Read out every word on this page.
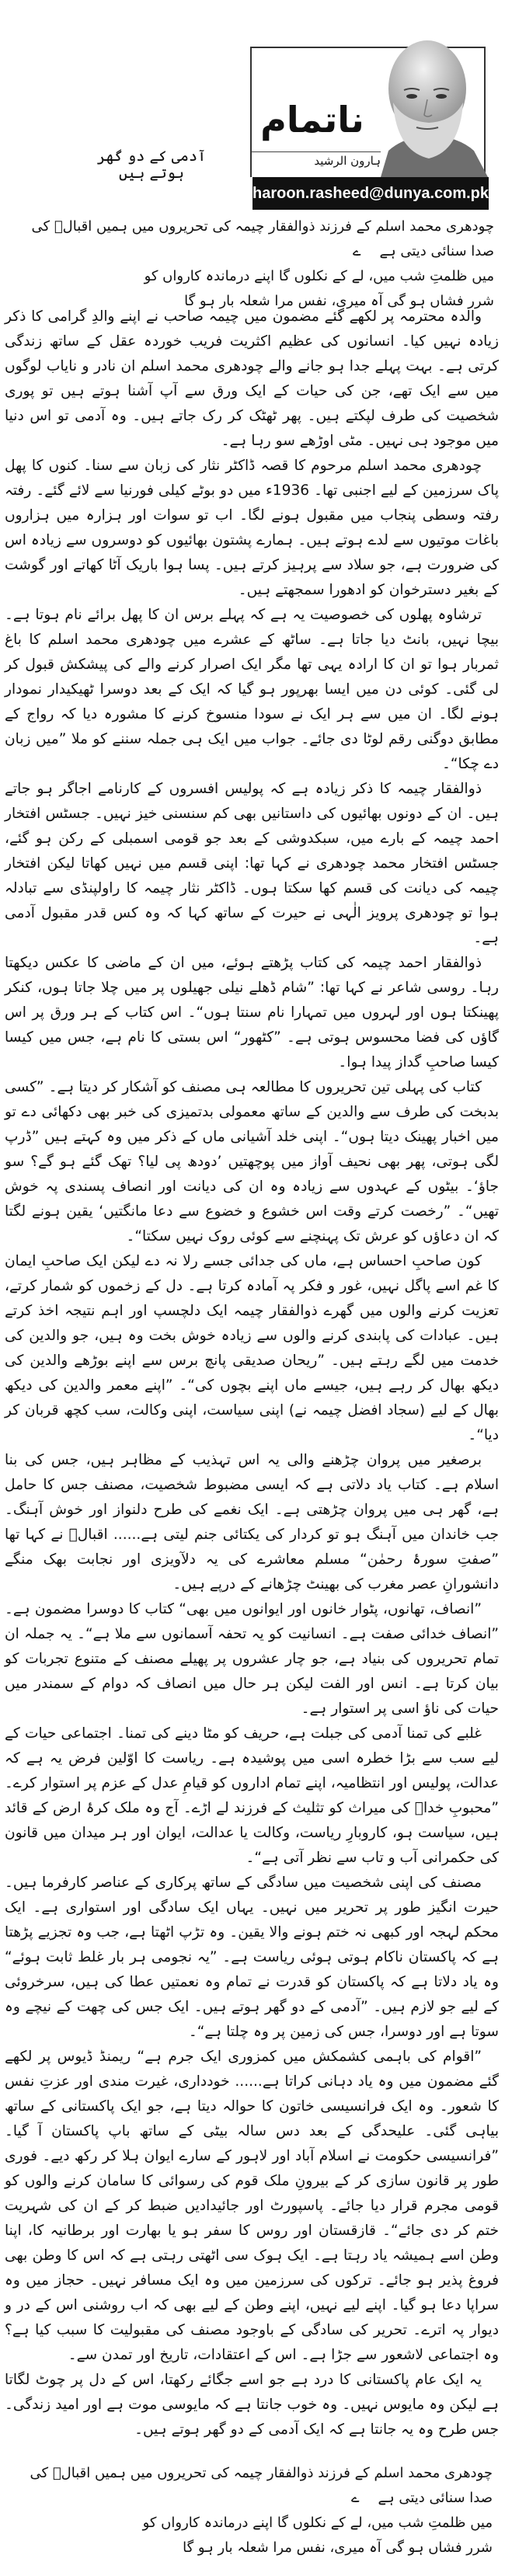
آدمی کے دو گھر ہوتے ہیں
ناتمام
ہارون الرشید
haroon.rasheed@dunya.com.pk
چودھری محمد اسلم کے فرزند ذوالفقار چیمہ کی تحریروں میں ہمیں اقبالؔ کی صدا سنائی دیتی ہےے
میں ظلمتِ شب میں، لے کے نکلوں گا اپنے درماندہ کارواں کو
شرر فشاں ہو گی آہ میری، نفس مرا شعلہ بار ہو گا

والدہ محترمہ پر لکھے گئے مضمون میں چیمہ صاحب نے اپنے والدِ گرامی کا ذکر زیادہ نہیں کیا۔ انسانوں کی عظیم اکثریت فریب خوردہ عقل کے ساتھ زندگی کرتی ہے۔ بہت پہلے جدا ہو جانے والے چودھری محمد اسلم ان نادر و نایاب لوگوں میں سے ایک تھے، جن کی حیات کے ایک ورق سے آپ آشنا ہوتے ہیں تو پوری شخصیت کی طرف لپکتے ہیں۔ پھر ٹھٹک کر رک جاتے ہیں۔ وہ آدمی تو اس دنیا میں موجود ہی نہیں۔ مٹی اوڑھے سو رہا ہے۔

چودھری محمد اسلم مرحوم کا قصہ ڈاکٹر نثار کی زبان سے سنا۔ کنوں کا پھل پاک سرزمین کے لیے اجنبی تھا۔ 1936ء میں دو بوٹے کیلی فورنیا سے لائے گئے۔ رفتہ رفتہ وسطی پنجاب میں مقبول ہونے لگا۔ اب تو سوات اور ہزارہ میں ہزاروں باغات موتیوں سے لدے ہوتے ہیں۔ ہمارے پشتون بھائیوں کو دوسروں سے زیادہ اس کی ضرورت ہے، جو سلاد سے پرہیز کرتے ہیں۔ پسا ہوا باریک آٹا کھاتے اور گوشت کے بغیر دسترخوان کو ادھورا سمجھتے ہیں۔

ترشاوہ پھلوں کی خصوصیت یہ ہے کہ پہلے برس ان کا پھل برائے نام ہوتا ہے۔ بیچا نہیں، بانٹ دیا جاتا ہے۔ ساٹھ کے عشرے میں چودھری محمد اسلم کا باغ ثمربار ہوا تو ان کا ارادہ یہی تھا مگر ایک اصرار کرنے والے کی پیشکش قبول کر لی گئی۔ کوئی دن میں ایسا بھرپور ہو گیا کہ ایک کے بعد دوسرا ٹھیکیدار نمودار ہونے لگا۔ ان میں سے ہر ایک نے سودا منسوخ کرنے کا مشورہ دیا کہ رواج کے مطابق دوگنی رقم لوٹا دی جائے۔ جواب میں ایک ہی جملہ سننے کو ملا ”میں زبان دے چکا“۔

ذوالفقار چیمہ کا ذکر زیادہ ہے کہ پولیس افسروں کے کارنامے اجاگر ہو جاتے ہیں۔ ان کے دونوں بھائیوں کی داستانیں بھی کم سنسنی خیز نہیں۔ جسٹس افتخار احمد چیمہ کے بارے میں، سبکدوشی کے بعد جو قومی اسمبلی کے رکن ہو گئے، جسٹس افتخار محمد چودھری نے کہا تھا: اپنی قسم میں نہیں کھاتا لیکن افتخار چیمہ کی دیانت کی قسم کھا سکتا ہوں۔ ڈاکٹر نثار چیمہ کا راولپنڈی سے تبادلہ ہوا تو چودھری پرویز الٰہی نے حیرت کے ساتھ کہا کہ وہ کس قدر مقبول آدمی ہے۔

ذوالفقار احمد چیمہ کی کتاب پڑھتے ہوئے، میں ان کے ماضی کا عکس دیکھتا رہا۔ روسی شاعر نے کہا تھا: ”شام ڈھلے نیلی جھیلوں پر میں چلا جاتا ہوں، کنکر پھینکتا ہوں اور لہروں میں تمہارا نام سنتا ہوں“۔ اس کتاب کے ہر ورق پر اس گاؤں کی فضا محسوس ہوتی ہے۔ ”کٹھور“ اس بستی کا نام ہے، جس میں کیسا کیسا صاحبِ گداز پیدا ہوا۔

کتاب کی پہلی تین تحریروں کا مطالعہ ہی مصنف کو آشکار کر دیتا ہے۔ ”کسی بدبخت کی طرف سے والدین کے ساتھ معمولی بدتمیزی کی خبر بھی دکھائی دے تو میں اخبار پھینک دیتا ہوں“۔ اپنی خلد آشیانی ماں کے ذکر میں وہ کہتے ہیں ”ڈرپ لگی ہوتی، پھر بھی نحیف آواز میں پوچھتیں ’دودھ پی لیا؟ تھک گئے ہو گے؟ سو جاؤ‘۔ بیٹوں کے عہدوں سے زیادہ وہ ان کی دیانت اور انصاف پسندی پہ خوش تھیں“۔ ”رخصت کرتے وقت اس خشوع و خضوع سے دعا مانگتیں‘ یقین ہونے لگتا کہ ان دعاؤں کو عرش تک پہنچنے سے کوئی روک نہیں سکتا“۔

کون صاحبِ احساس ہے، ماں کی جدائی جسے رلا نہ دے لیکن ایک صاحبِ ایمان کا غم اسے پاگل نہیں، غور و فکر پہ آمادہ کرتا ہے۔ دل کے زخموں کو شمار کرتے، تعزیت کرنے والوں میں گھرے ذوالفقار چیمہ ایک دلچسپ اور اہم نتیجہ اخذ کرتے ہیں۔ عبادات کی پابندی کرنے والوں سے زیادہ خوش بخت وہ ہیں، جو والدین کی خدمت میں لگے رہتے ہیں۔ ”ریحان صدیقی پانچ برس سے اپنے بوڑھے والدین کی دیکھ بھال کر رہے ہیں، جیسے ماں اپنے بچوں کی“۔ ”اپنے معمر والدین کی دیکھ بھال کے لیے (سجاد افضل چیمہ نے) اپنی سیاست، اپنی وکالت، سب کچھ قربان کر دیا“۔

برصغیر میں پروان چڑھنے والی یہ اس تہذیب کے مظاہر ہیں، جس کی بنا اسلام ہے۔ کتاب یاد دلاتی ہے کہ ایسی مضبوط شخصیت، مصنف جس کا حامل ہے، گھر ہی میں پروان چڑھتی ہے۔ ایک نغمے کی طرح دلنواز اور خوش آہنگ۔ جب خاندان میں آہنگ ہو تو کردار کی یکتائی جنم لیتی ہے...... اقبالؔ نے کہا تھا ”صفتِ سورۂ رحمٰن“ مسلم معاشرے کی یہ دلآویزی اور نجابت بھک منگے دانشورانِ عصر مغرب کی بھینٹ چڑھانے کے درپے ہیں۔

”انصاف، تھانوں، پٹوار خانوں اور ایوانوں میں بھی“ کتاب کا دوسرا مضمون ہے۔ ”انصاف خدائی صفت ہے۔ انسانیت کو یہ تحفہ آسمانوں سے ملا ہے“۔ یہ جملہ ان تمام تحریروں کی بنیاد ہے، جو چار عشروں پر پھیلے مصنف کے متنوع تجربات کو بیان کرتا ہے۔ انس اور الفت لیکن ہر حال میں انصاف کہ دوام کے سمندر میں حیات کی ناؤ اسی پر استوار ہے۔

غلبے کی تمنا آدمی کی جبلت ہے، حریف کو مٹا دینے کی تمنا۔ اجتماعی حیات کے لیے سب سے بڑا خطرہ اسی میں پوشیدہ ہے۔ ریاست کا اوّلین فرض یہ ہے کہ عدالت، پولیس اور انتظامیہ، اپنے تمام اداروں کو قیامِ عدل کے عزم پر استوار کرے۔ ”محبوبِ خداؐ کی میراث کو تثلیث کے فرزند لے اڑے۔ آج وہ ملک کرۂ ارض کے قائد ہیں، سیاست ہو، کاروبارِ ریاست، وکالت یا عدالت، ایوان اور ہر میدان میں قانون کی حکمرانی آب و تاب سے نظر آتی ہے“۔

مصنف کی اپنی شخصیت میں سادگی کے ساتھ پرکاری کے عناصر کارفرما ہیں۔ حیرت انگیز طور پر تحریر میں نہیں۔ یہاں ایک سادگی اور استواری ہے۔ ایک محکم لہجہ اور کبھی نہ ختم ہونے والا یقین۔ وہ تڑپ اٹھتا ہے، جب وہ تجزیے پڑھتا ہے کہ پاکستان ناکام ہوتی ہوئی ریاست ہے۔ ”یہ نجومی ہر بار غلط ثابت ہوئے“ وہ یاد دلاتا ہے کہ پاکستان کو قدرت نے تمام وہ نعمتیں عطا کی ہیں، سرخروئی کے لیے جو لازم ہیں۔ ”آدمی کے دو گھر ہوتے ہیں۔ ایک جس کی چھت کے نیچے وہ سوتا ہے اور دوسرا، جس کی زمین پر وہ چلتا ہے“۔

”اقوام کی باہمی کشمکش میں کمزوری ایک جرم ہے“ ریمنڈ ڈیوس پر لکھے گئے مضمون میں وہ یاد دہانی کراتا ہے...... خودداری، غیرت مندی اور عزتِ نفس کا شعور۔ وہ ایک فرانسیسی خاتون کا حوالہ دیتا ہے، جو ایک پاکستانی کے ساتھ بیاہی گئی۔ علیحدگی کے بعد دس سالہ بیٹی کے ساتھ باپ پاکستان آ گیا۔ ”فرانسیسی حکومت نے اسلام آباد اور لاہور کے سارے ایوان ہلا کر رکھ دیے۔ فوری طور پر قانون سازی کر کے بیرونِ ملک قوم کی رسوائی کا سامان کرنے والوں کو قومی مجرم قرار دیا جائے۔ پاسپورٹ اور جائیدادیں ضبط کر کے ان کی شہریت ختم کر دی جائے“۔ قازقستان اور روس کا سفر ہو یا بھارت اور برطانیہ کا، اپنا وطن اسے ہمیشہ یاد رہتا ہے۔ ایک ہوک سی اٹھتی رہتی ہے کہ اس کا وطن بھی فروغ پذیر ہو جائے۔ ترکوں کی سرزمین میں وہ ایک مسافر نہیں۔ حجاز میں وہ سراپا دعا ہو گیا۔ اپنے لیے نہیں، اپنے وطن کے لیے بھی کہ اب روشنی اس کے در و دیوار پہ اترے۔ تحریر کی سادگی کے باوجود مصنف کی مقبولیت کا سبب کیا ہے؟ وہ اجتماعی لاشعور سے جڑا ہے۔ اس کے اعتقادات، تاریخ اور تمدن سے۔

یہ ایک عام پاکستانی کا درد ہے جو اسے جگائے رکھتا، اس کے دل پر چوٹ لگاتا ہے لیکن وہ مایوس نہیں۔ وہ خوب جانتا ہے کہ مایوسی موت ہے اور امید زندگی۔ جس طرح وہ یہ جانتا ہے کہ ایک آدمی کے دو گھر ہوتے ہیں۔

چودھری محمد اسلم کے فرزند ذوالفقار چیمہ کی تحریروں میں ہمیں اقبالؔ کی صدا سنائی دیتی ہےے
میں ظلمتِ شب میں، لے کے نکلوں گا اپنے درماندہ کارواں کو
شرر فشاں ہو گی آہ میری، نفس مرا شعلہ بار ہو گا
